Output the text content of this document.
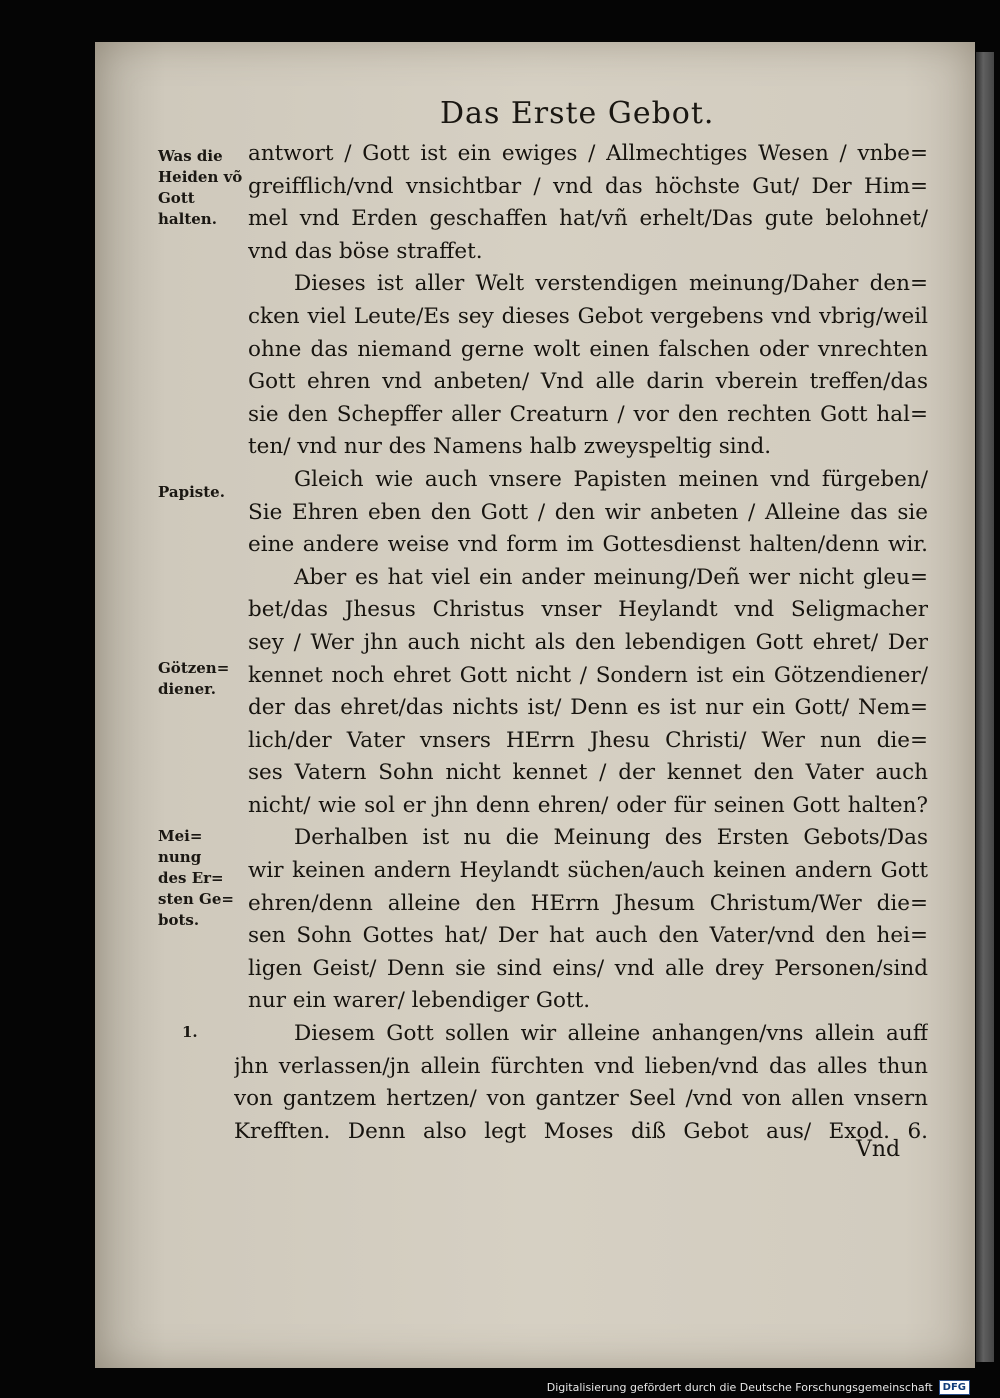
Das Erste Gebot.
Was die Heiden võ Gott halten.
Papiste.
Götzen= diener.
Mei= nung des Er= sten Ge= bots.
1.
antwort / Gott ist ein ewiges / Allmechtiges Wesen / vnbe=
greifflich/vnd vnsichtbar / vnd das höchste Gut/ Der Him=
mel vnd Erden geschaffen hat/vñ erhelt/Das gute belohnet/
vnd das böse straffet.
Dieses ist aller Welt verstendigen meinung/Daher den=
cken viel Leute/Es sey dieses Gebot vergebens vnd vbrig/weil
ohne das niemand gerne wolt einen falschen oder vnrechten
Gott ehren vnd anbeten/ Vnd alle darin vberein treffen/das
sie den Schepffer aller Creaturn / vor den rechten Gott hal=
ten/ vnd nur des Namens halb zweyspeltig sind.
Gleich wie auch vnsere Papisten meinen vnd fürgeben/
Sie Ehren eben den Gott / den wir anbeten / Alleine das sie
eine andere weise vnd form im Gottesdienst halten/denn wir.
Aber es hat viel ein ander meinung/Deñ wer nicht gleu=
bet/das Jhesus Christus vnser Heylandt vnd Seligmacher
sey / Wer jhn auch nicht als den lebendigen Gott ehret/ Der
kennet noch ehret Gott nicht / Sondern ist ein Götzendiener/
der das ehret/das nichts ist/ Denn es ist nur ein Gott/ Nem=
lich/der Vater vnsers HErrn Jhesu Christi/ Wer nun die=
ses Vatern Sohn nicht kennet / der kennet den Vater auch
nicht/ wie sol er jhn denn ehren/ oder für seinen Gott halten?
Derhalben ist nu die Meinung des Ersten Gebots/Das
wir keinen andern Heylandt süchen/auch keinen andern Gott
ehren/denn alleine den HErrn Jhesum Christum/Wer die=
sen Sohn Gottes hat/ Der hat auch den Vater/vnd den hei=
ligen Geist/ Denn sie sind eins/ vnd alle drey Personen/sind
nur ein warer/ lebendiger Gott.
Diesem Gott sollen wir alleine anhangen/vns allein auff
jhn verlassen/jn allein fürchten vnd lieben/vnd das alles thun
von gantzem hertzen/ von gantzer Seel /vnd von allen vnsern
Krefften. Denn also legt Moses diß Gebot aus/ Exod. 6.
Vnd
Digitalisierung gefördert durch die Deutsche Forschungsgemeinschaft	DFG
